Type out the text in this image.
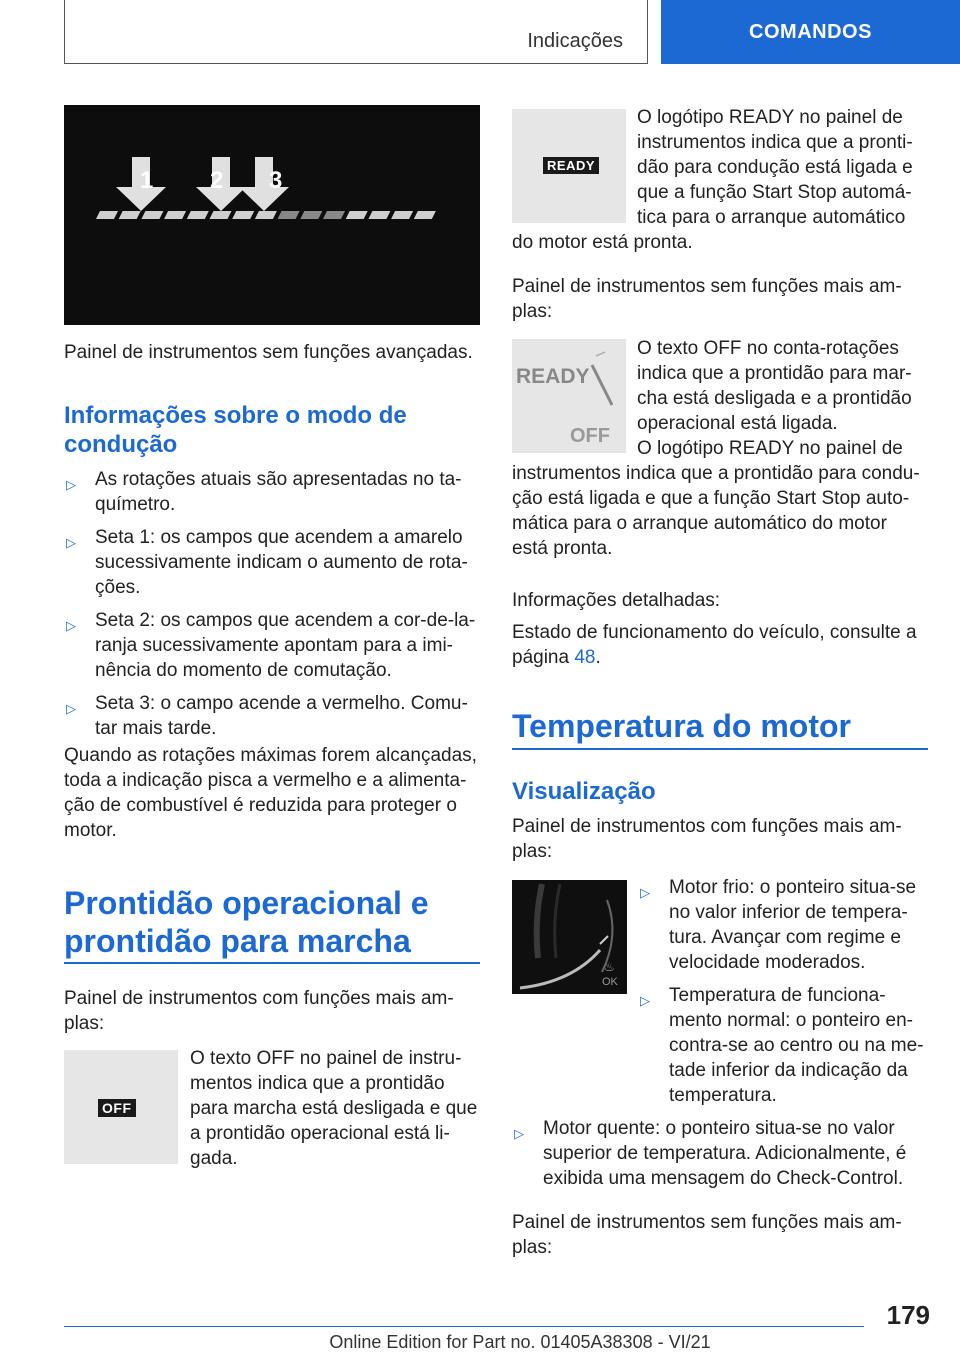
Indicações	COMANDOS
1 2 3
Painel de instrumentos sem funções avançadas.
Informações sobre o modo de condução
▷	As rotações atuais são apresentadas no ta-químetro.
▷	Seta 1: os campos que acendem a amarelo sucessivamente indicam o aumento de rota-ções.
▷	Seta 2: os campos que acendem a cor-de-la-ranja sucessivamente apontam para a imi-nência do momento de comutação.
▷	Seta 3: o campo acende a vermelho. Comu-tar mais tarde.
Quando as rotações máximas forem alcançadas, toda a indicação pisca a vermelho e a alimenta-ção de combustível é reduzida para proteger o motor.
Prontidão operacional e prontidão para marcha
Painel de instrumentos com funções mais am-plas:
OFF
O texto OFF no painel de instru-mentos indica que a prontidão para marcha está desligada e que a prontidão operacional está li-gada.
READY
O logótipo READY no painel de instrumentos indica que a pronti-dão para condução está ligada e que a função Start Stop automá-tica para o arranque automático do motor está pronta.
Painel de instrumentos sem funções mais am-plas:
READY
OFF
O texto OFF no conta-rotações indica que a prontidão para mar-cha está desligada e a prontidão operacional está ligada.
O logótipo READY no painel de instrumentos indica que a prontidão para condu-ção está ligada e que a função Start Stop auto-mática para o arranque automático do motor está pronta.
Informações detalhadas:
Estado de funcionamento do veículo, consulte a página 48.
Temperatura do motor
Visualização
Painel de instrumentos com funções mais am-plas:
♨
OK
▷	Motor frio: o ponteiro situa-se no valor inferior de tempera-tura. Avançar com regime e velocidade moderados.
▷	Temperatura de funciona-mento normal: o ponteiro en-contra-se ao centro ou na me-tade inferior da indicação da temperatura.
▷	Motor quente: o ponteiro situa-se no valor superior de temperatura. Adicionalmente, é exibida uma mensagem do Check-Control.
Painel de instrumentos sem funções mais am-plas:
179
Online Edition for Part no. 01405A38308 - VI/21
